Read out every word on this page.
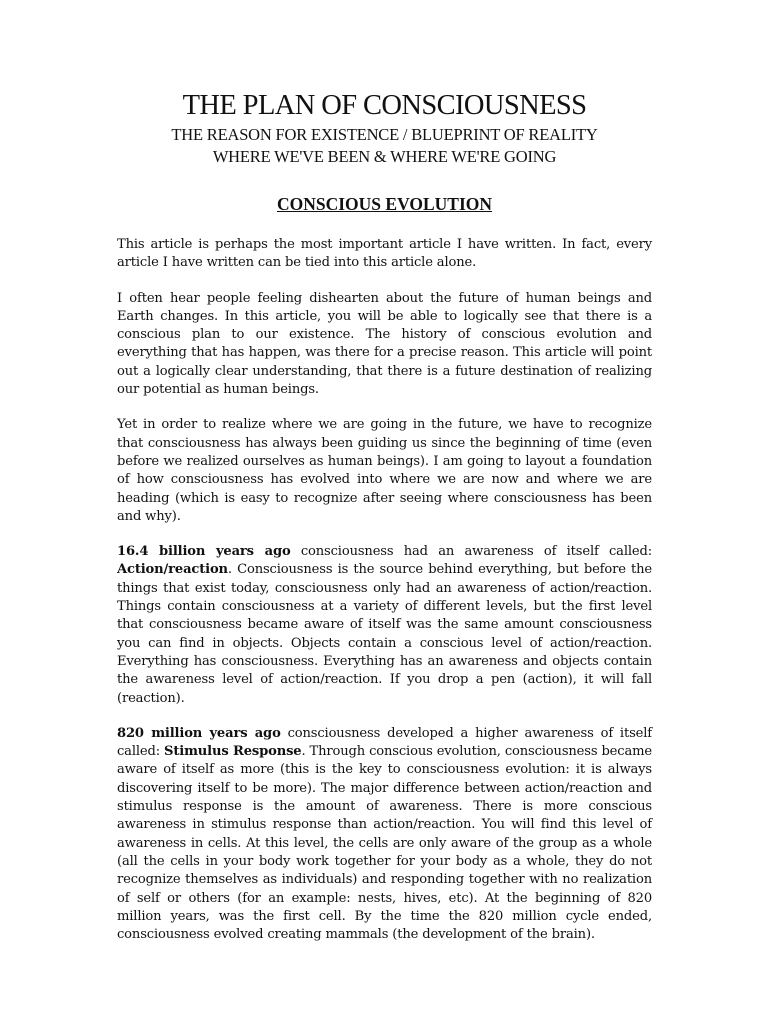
THE PLAN OF CONSCIOUSNESS

THE REASON FOR EXISTENCE / BLUEPRINT OF REALITY

WHERE WE'VE BEEN & WHERE WE'RE GOING

CONSCIOUS EVOLUTION

This article is perhaps the most important article I have written. In fact, every article I have written can be tied into this article alone.

I often hear people feeling dishearten about the future of human beings and Earth changes. In this article, you will be able to logically see that there is a conscious plan to our existence. The history of conscious evolution and everything that has happen, was there for a precise reason. This article will point out a logically clear understanding, that there is a future destination of realizing our potential as human beings.

Yet in order to realize where we are going in the future, we have to recognize that consciousness has always been guiding us since the beginning of time (even before we realized ourselves as human beings). I am going to layout a foundation of how consciousness has evolved into where we are now and where we are heading (which is easy to recognize after seeing where consciousness has been and why).

16.4 billion years ago consciousness had an awareness of itself called: Action/reaction. Consciousness is the source behind everything, but before the things that exist today, consciousness only had an awareness of action/reaction. Things contain consciousness at a variety of different levels, but the first level that consciousness became aware of itself was the same amount consciousness you can find in objects. Objects contain a conscious level of action/reaction. Everything has consciousness. Everything has an awareness and objects contain the awareness level of action/reaction. If you drop a pen (action), it will fall (reaction).

820 million years ago consciousness developed a higher awareness of itself called: Stimulus Response. Through conscious evolution, consciousness became aware of itself as more (this is the key to consciousness evolution: it is always discovering itself to be more). The major difference between action/reaction and stimulus response is the amount of awareness. There is more conscious awareness in stimulus response than action/reaction. You will find this level of awareness in cells. At this level, the cells are only aware of the group as a whole (all the cells in your body work together for your body as a whole, they do not recognize themselves as individuals) and responding together with no realization of self or others (for an example: nests, hives, etc). At the beginning of 820 million years, was the first cell. By the time the 820 million cycle ended, consciousness evolved creating mammals (the development of the brain).
